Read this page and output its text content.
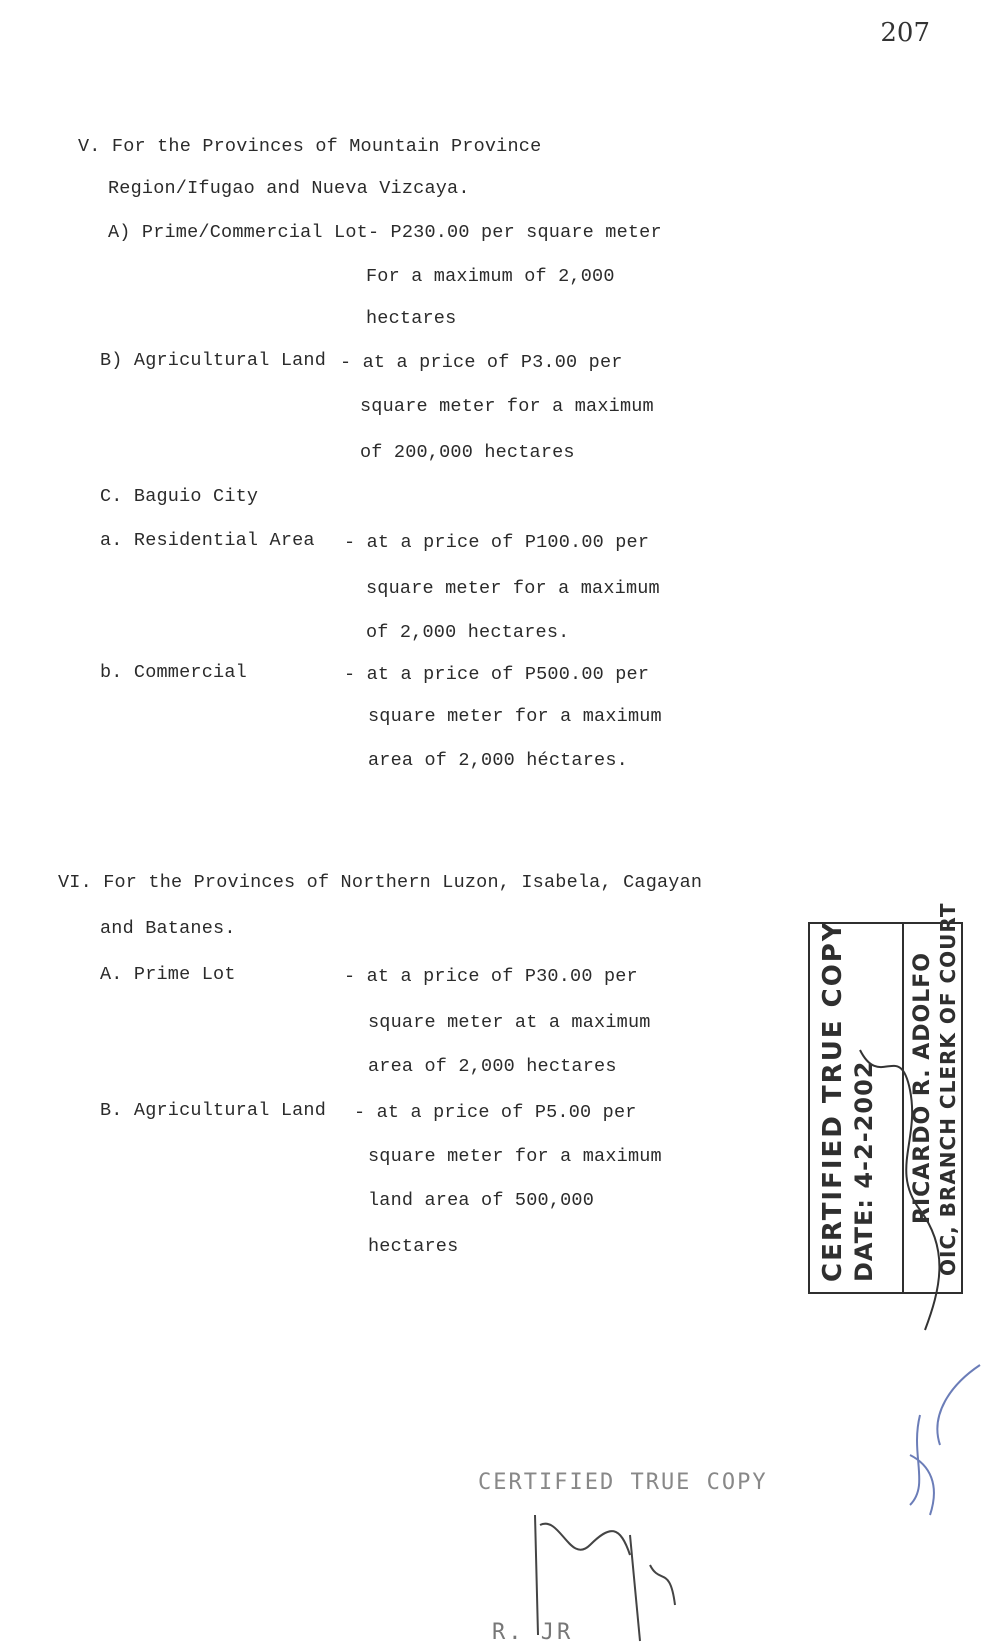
207
V. For the Provinces of Mountain Province
Region/Ifugao and Nueva Vizcaya.
A) Prime/Commercial Lot- P230.00 per square meter
For a maximum of 2,000
hectares
B) Agricultural Land - at a price of P3.00 per
square meter for a maximum
of 200,000 hectares
C. Baguio City
a. Residential Area - at a price of P100.00 per
square meter for a maximum
of 2,000 hectares.
b. Commercial	- at a price of P500.00 per
square meter for a maximum
area of 2,000 héctares.
VI. For the Provinces of Northern Luzon, Isabela, Cagayan
and Batanes.
A. Prime Lot	- at a price of P30.00 per
square meter at a maximum
area of 2,000 hectares
B. Agricultural Land - at a price of P5.00 per
square meter for a maximum
land area of 500,000
hectares	CERTIFIED TRUE COPY DATE: 4-2-2002 RICARDO R. ADOLFO OIC, BRANCH CLERK OF COURT
CERTIFIED TRUE COPY
R. JR
